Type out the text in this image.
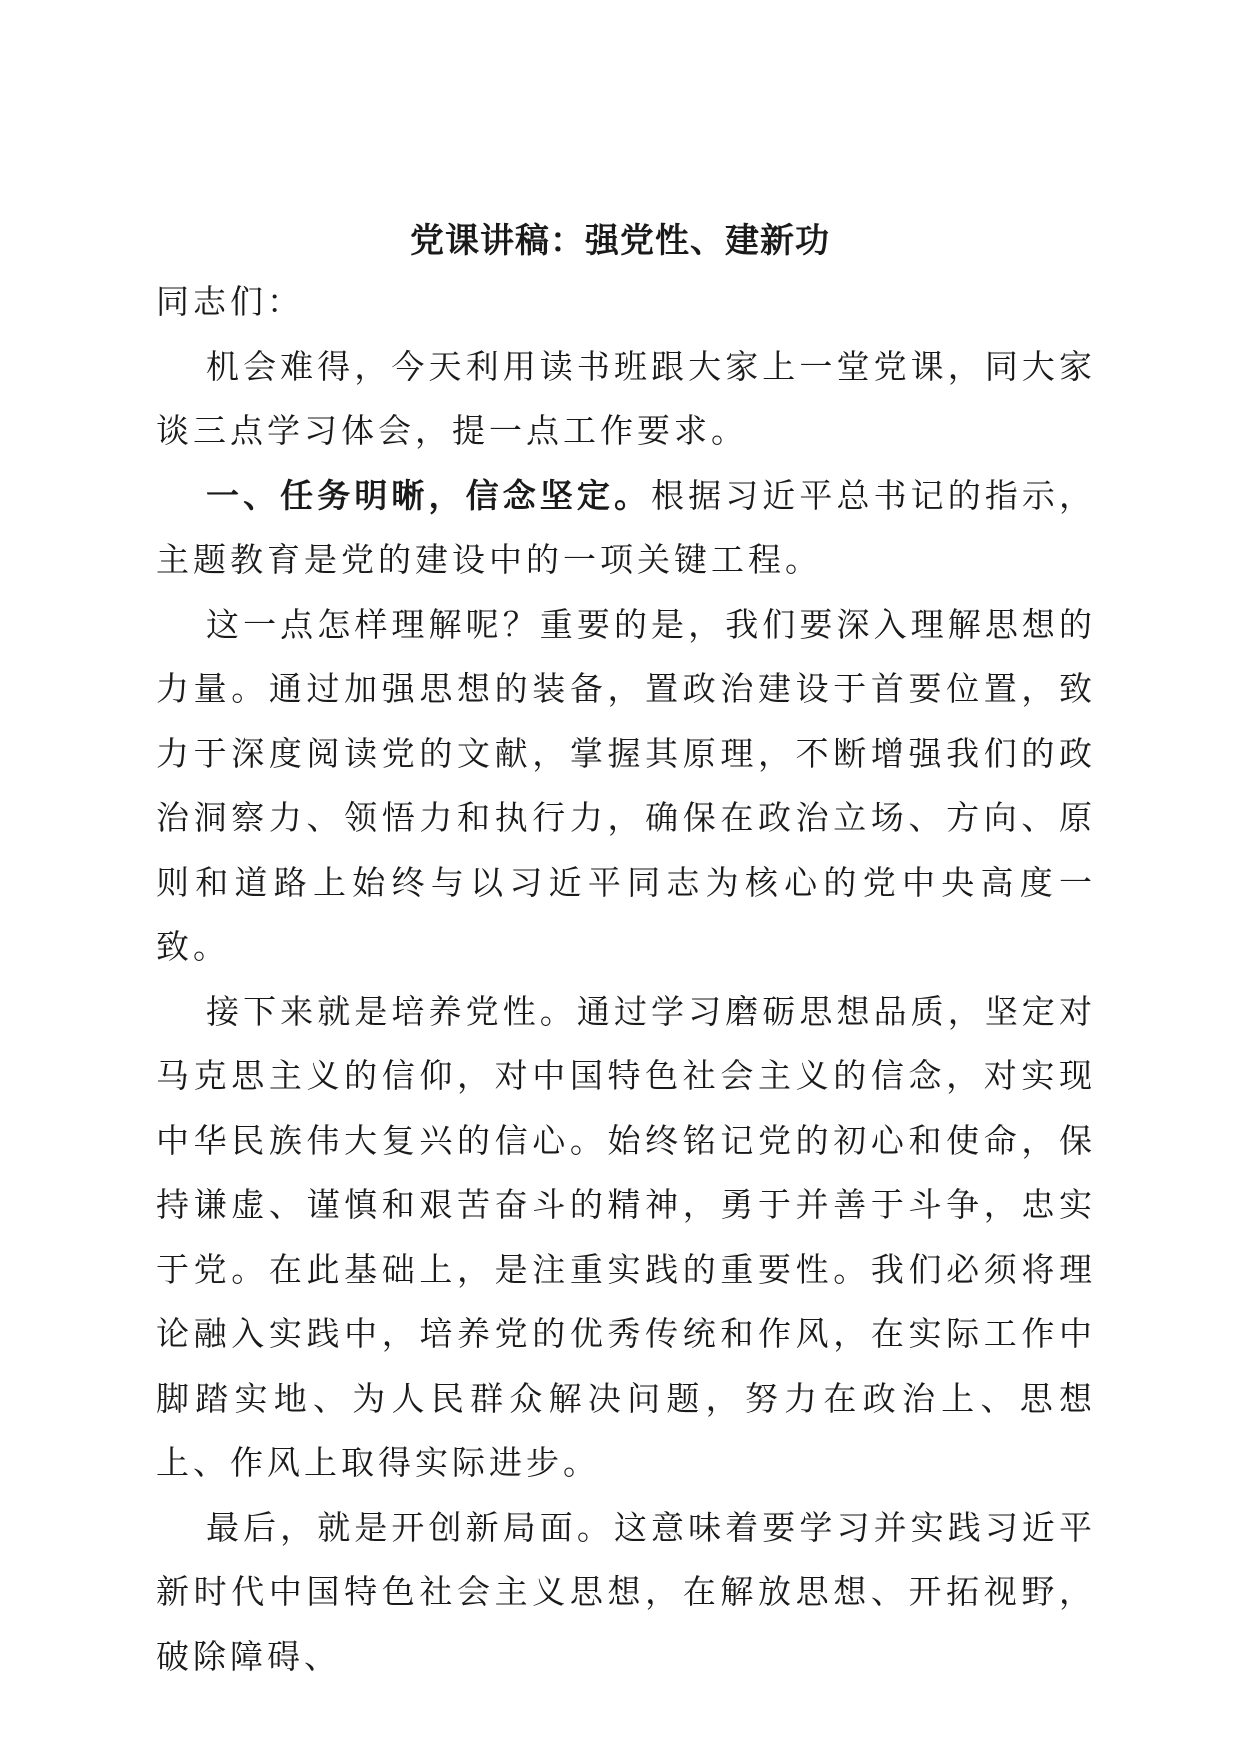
党课讲稿：强党性、建新功

同志们：

机会难得，今天利用读书班跟大家上一堂党课，同大家谈三点学习体会，提一点工作要求。

一、任务明晰，信念坚定。根据习近平总书记的指示，主题教育是党的建设中的一项关键工程。

这一点怎样理解呢？重要的是，我们要深入理解思想的力量。通过加强思想的装备，置政治建设于首要位置，致力于深度阅读党的文献，掌握其原理，不断增强我们的政治洞察力、领悟力和执行力，确保在政治立场、方向、原则和道路上始终与以习近平同志为核心的党中央高度一致。

接下来就是培养党性。通过学习磨砺思想品质，坚定对马克思主义的信仰，对中国特色社会主义的信念，对实现中华民族伟大复兴的信心。始终铭记党的初心和使命，保持谦虚、谨慎和艰苦奋斗的精神，勇于并善于斗争，忠实于党。在此基础上，是注重实践的重要性。我们必须将理论融入实践中，培养党的优秀传统和作风，在实际工作中脚踏实地、为人民群众解决问题，努力在政治上、思想上、作风上取得实际进步。

最后，就是开创新局面。这意味着要学习并实践习近平新时代中国特色社会主义思想，在解放思想、开拓视野，破除障碍、
